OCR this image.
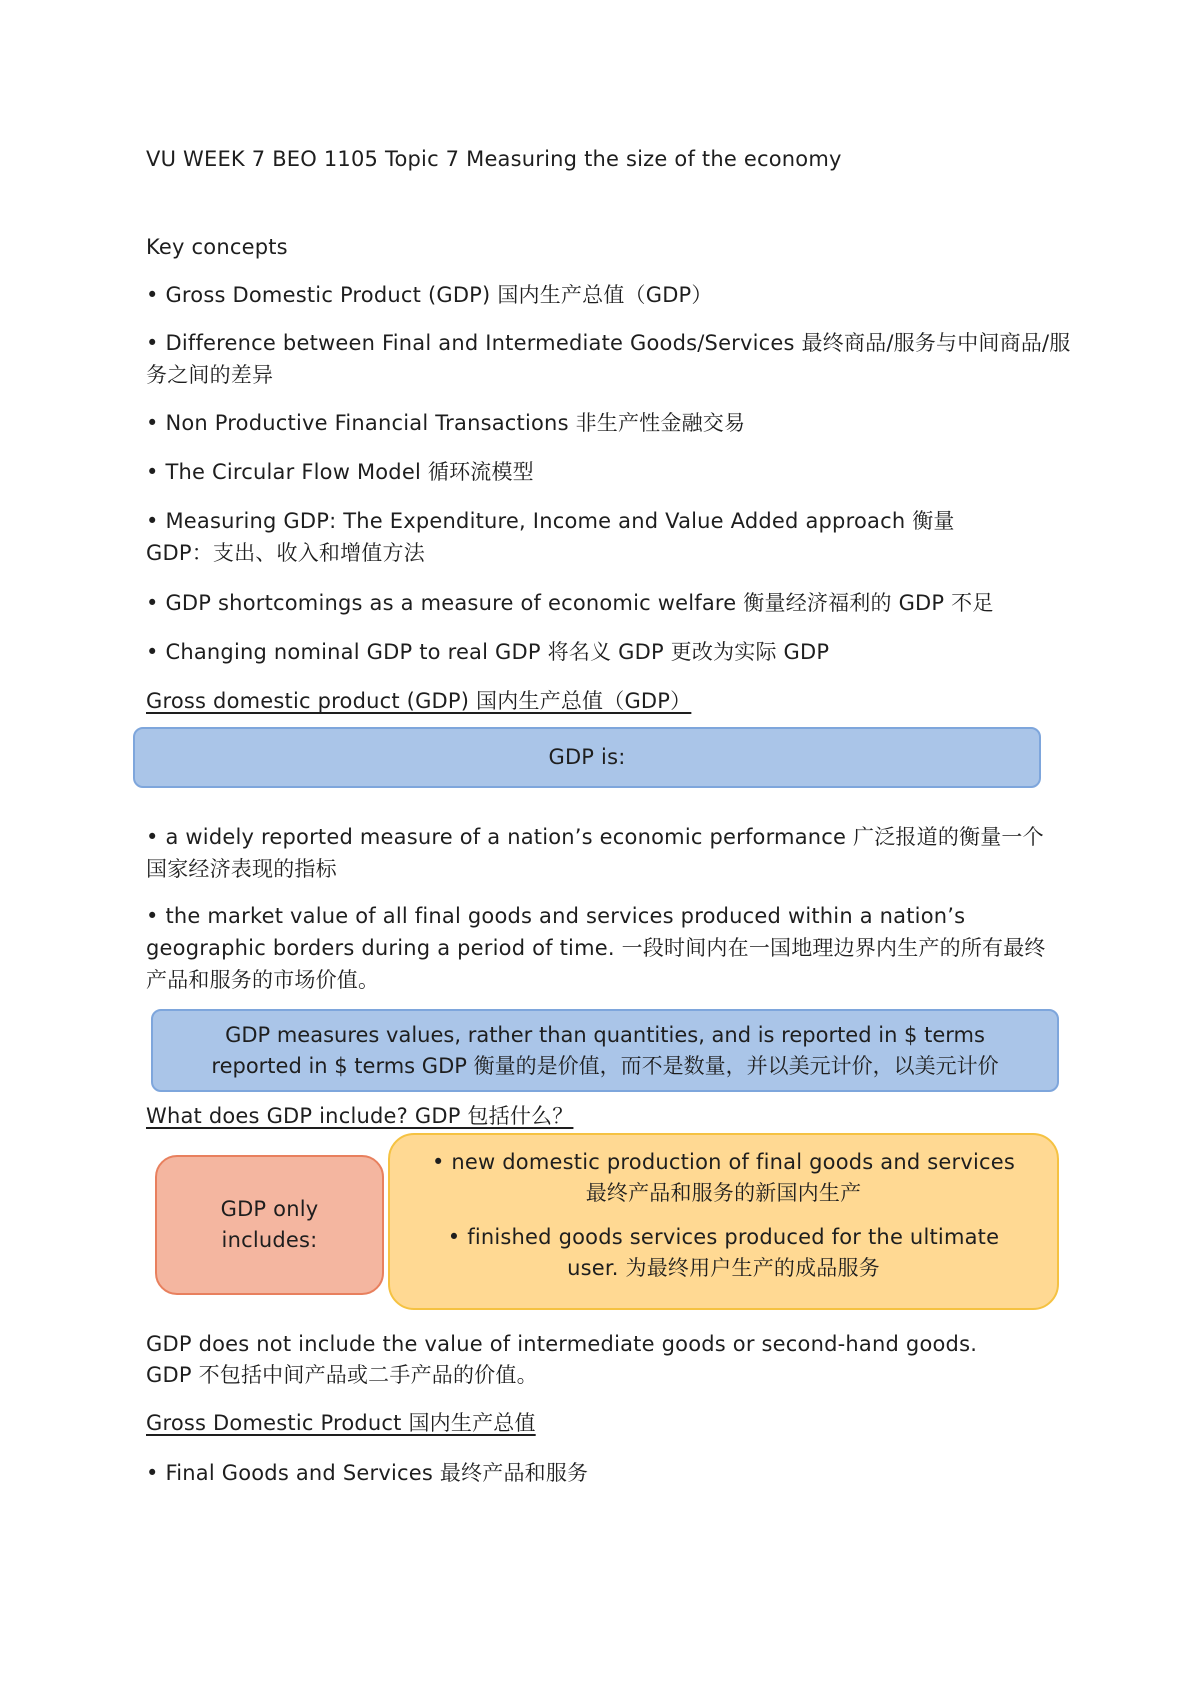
VU WEEK 7 BEO 1105 Topic 7 Measuring the size of the economy
Key concepts
• Gross Domestic Product (GDP) 国内生产总值（GDP）
• Difference between Final and Intermediate Goods/Services 最终商品/服务与中间商品/服务之间的差异
• Non Productive Financial Transactions 非生产性金融交易
• The Circular Flow Model 循环流模型
• Measuring GDP: The Expenditure, Income and Value Added approach 衡量 GDP：支出、收入和增值方法
• GDP shortcomings as a measure of economic welfare 衡量经济福利的 GDP 不足
• Changing nominal GDP to real GDP 将名义 GDP 更改为实际 GDP
Gross domestic product (GDP) 国内生产总值（GDP）
GDP is:
• a widely reported measure of a nation’s economic performance 广泛报道的衡量一个国家经济表现的指标
• the market value of all final goods and services produced within a nation’s geographic borders during a period of time. 一段时间内在一国地理边界内生产的所有最终产品和服务的市场价值。
GDP measures values, rather than quantities, and is reported in $ terms
reported in $ terms GDP 衡量的是价值，而不是数量，并以美元计价，以美元计价
What does GDP include? GDP 包括什么？
GDP only
includes:

• new domestic production of final goods and services
最终产品和服务的新国内生产

• finished goods services produced for the ultimate
user. 为最终用户生产的成品服务

GDP does not include the value of intermediate goods or second-hand goods.
GDP 不包括中间产品或二手产品的价值。
Gross Domestic Product 国内生产总值
• Final Goods and Services 最终产品和服务
